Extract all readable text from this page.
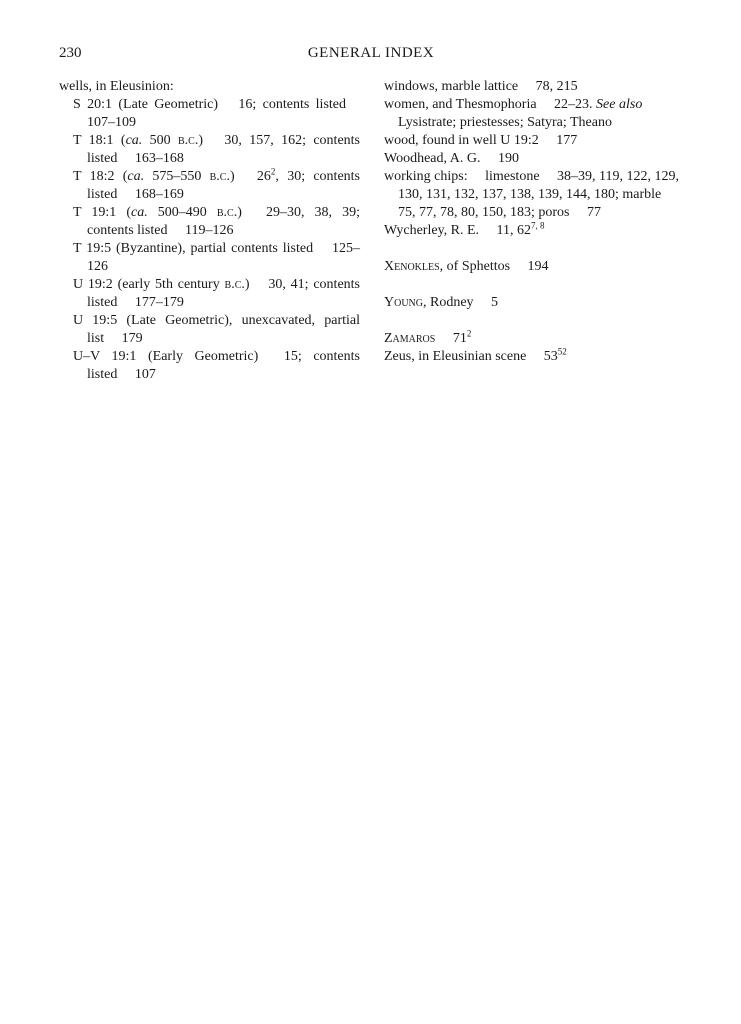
230	GENERAL INDEX

wells, in Eleusinion:

S 20:1 (Late Geometric)  16; contents listed  107–109

T 18:1 (ca. 500 b.c.)  30, 157, 162; contents listed  163–168

T 18:2 (ca. 575–550 b.c.)  $26^2$, 30; contents listed  168–169

T 19:1 (ca. 500–490 b.c.)  29–30, 38, 39; contents listed  119–126

T 19:5 (Byzantine), partial contents listed  125–126

U 19:2 (early 5th century b.c.)  30, 41; contents listed  177–179

U 19:5 (Late Geometric), unexcavated, partial list  179

U–V 19:1 (Early Geometric)  15; contents listed  107

windows, marble lattice  78, 215

women, and Thesmophoria  22–23. See also Lysistrate; priestesses; Satyra; Theano

wood, found in well U 19:2  177

Woodhead, A. G.  190

working chips:  limestone  38–39, 119, 122, 129, 130, 131, 132, 137, 138, 139, 144, 180; marble  75, 77, 78, 80, 150, 183; poros  77

Wycherley, R. E.  11, 62$^{7, 8}$

Xenokles, of Sphettos  194

Young, Rodney  5

Zamaros  $71^2$

Zeus, in Eleusinian scene  $53^{52}$
